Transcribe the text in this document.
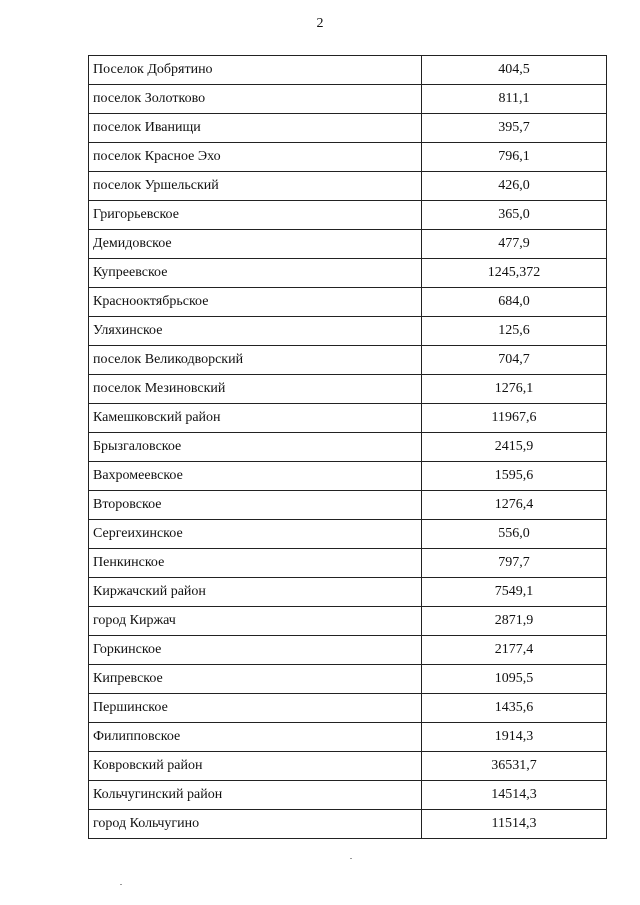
2
Поселок Добрятино	404,5
поселок Золотково	811,1
поселок Иванищи	395,7
поселок Красное Эхо	796,1
поселок Уршельский	426,0
Григорьевское	365,0
Демидовское	477,9
Купреевское	1245,372
Краснооктябрьское	684,0
Уляхинское	125,6
поселок Великодворский	704,7
поселок Мезиновский	1276,1
Камешковский район	11967,6
Брызгаловское	2415,9
Вахромеевское	1595,6
Второвское	1276,4
Сергеихинское	556,0
Пенкинское	797,7
Киржачский район	7549,1
город Киржач	2871,9
Горкинское	2177,4
Кипревское	1095,5
Першинское	1435,6
Филипповское	1914,3
Ковровский район	36531,7
Кольчугинский район	14514,3
город Кольчугино	11514,3
